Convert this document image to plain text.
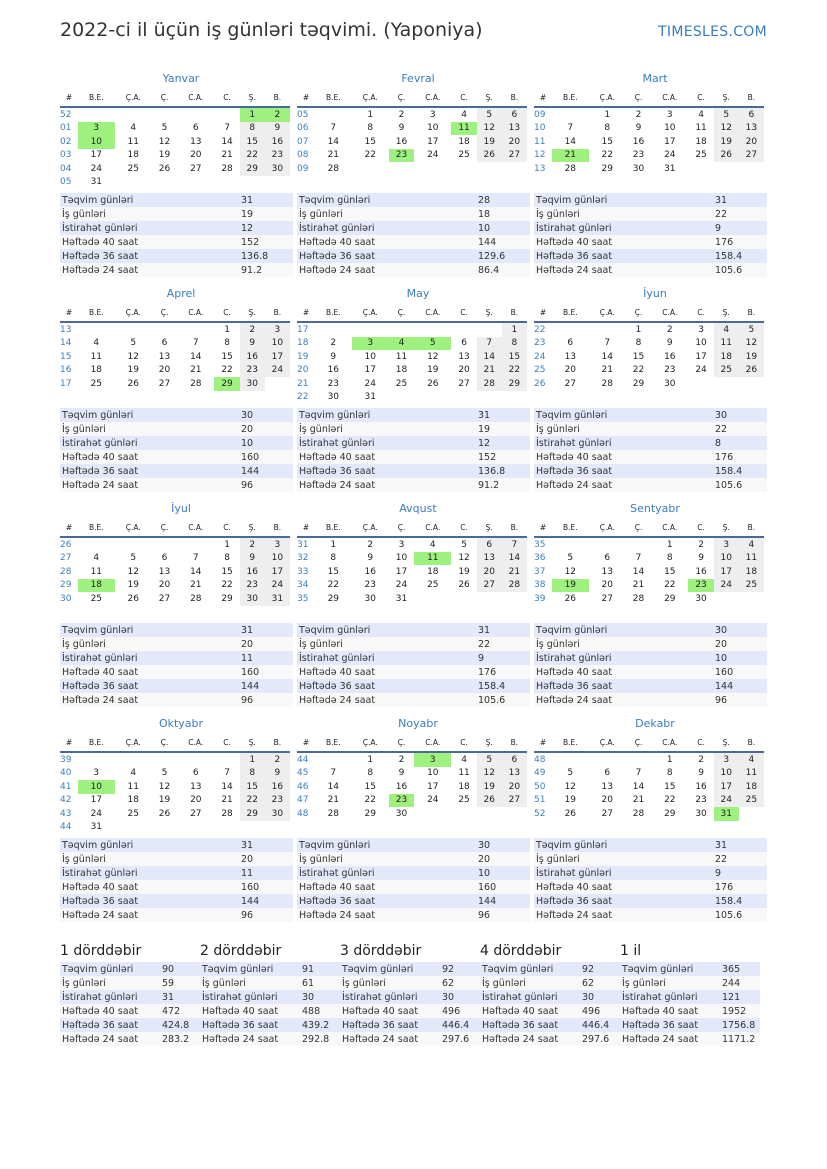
2022-ci il üçün iş günləri təqvimi. (Yaponiya)	TIMESLES.COM
Yanvar
#	B.E.	Ç.A.	Ç.	C.A.	C.	Ş.	B.
52						1	2
01	3	4	5	6	7	8	9
02	10	11	12	13	14	15	16
03	17	18	19	20	21	22	23
04	24	25	26	27	28	29	30
05	31						
Təqvim günləri	31
İş günləri	19
İstirahət günləri	12
Həftədə 40 saat	152
Həftədə 36 saat	136.8
Həftədə 24 saat	91.2
Fevral
#	B.E.	Ç.A.	Ç.	C.A.	C.	Ş.	B.
05		1	2	3	4	5	6
06	7	8	9	10	11	12	13
07	14	15	16	17	18	19	20
08	21	22	23	24	25	26	27
09	28						
Təqvim günləri	28
İş günləri	18
İstirahət günləri	10
Həftədə 40 saat	144
Həftədə 36 saat	129.6
Həftədə 24 saat	86.4
Mart
#	B.E.	Ç.A.	Ç.	C.A.	C.	Ş.	B.
09		1	2	3	4	5	6
10	7	8	9	10	11	12	13
11	14	15	16	17	18	19	20
12	21	22	23	24	25	26	27
13	28	29	30	31			
Təqvim günləri	31
İş günləri	22
İstirahət günləri	9
Həftədə 40 saat	176
Həftədə 36 saat	158.4
Həftədə 24 saat	105.6
Aprel
#	B.E.	Ç.A.	Ç.	C.A.	C.	Ş.	B.
13					1	2	3
14	4	5	6	7	8	9	10
15	11	12	13	14	15	16	17
16	18	19	20	21	22	23	24
17	25	26	27	28	29	30	
Təqvim günləri	30
İş günləri	20
İstirahət günləri	10
Həftədə 40 saat	160
Həftədə 36 saat	144
Həftədə 24 saat	96
May
#	B.E.	Ç.A.	Ç.	C.A.	C.	Ş.	B.
17							1
18	2	3	4	5	6	7	8
19	9	10	11	12	13	14	15
20	16	17	18	19	20	21	22
21	23	24	25	26	27	28	29
22	30	31					
Təqvim günləri	31
İş günləri	19
İstirahət günləri	12
Həftədə 40 saat	152
Həftədə 36 saat	136.8
Həftədə 24 saat	91.2
İyun
#	B.E.	Ç.A.	Ç.	C.A.	C.	Ş.	B.
22			1	2	3	4	5
23	6	7	8	9	10	11	12
24	13	14	15	16	17	18	19
25	20	21	22	23	24	25	26
26	27	28	29	30			
Təqvim günləri	30
İş günləri	22
İstirahət günləri	8
Həftədə 40 saat	176
Həftədə 36 saat	158.4
Həftədə 24 saat	105.6
İyul
#	B.E.	Ç.A.	Ç.	C.A.	C.	Ş.	B.
26					1	2	3
27	4	5	6	7	8	9	10
28	11	12	13	14	15	16	17
29	18	19	20	21	22	23	24
30	25	26	27	28	29	30	31
Təqvim günləri	31
İş günləri	20
İstirahət günləri	11
Həftədə 40 saat	160
Həftədə 36 saat	144
Həftədə 24 saat	96
Avqust
#	B.E.	Ç.A.	Ç.	C.A.	C.	Ş.	B.
31	1	2	3	4	5	6	7
32	8	9	10	11	12	13	14
33	15	16	17	18	19	20	21
34	22	23	24	25	26	27	28
35	29	30	31				
Təqvim günləri	31
İş günləri	22
İstirahət günləri	9
Həftədə 40 saat	176
Həftədə 36 saat	158.4
Həftədə 24 saat	105.6
Sentyabr
#	B.E.	Ç.A.	Ç.	C.A.	C.	Ş.	B.
35				1	2	3	4
36	5	6	7	8	9	10	11
37	12	13	14	15	16	17	18
38	19	20	21	22	23	24	25
39	26	27	28	29	30		
Təqvim günləri	30
İş günləri	20
İstirahət günləri	10
Həftədə 40 saat	160
Həftədə 36 saat	144
Həftədə 24 saat	96
Oktyabr
#	B.E.	Ç.A.	Ç.	C.A.	C.	Ş.	B.
39						1	2
40	3	4	5	6	7	8	9
41	10	11	12	13	14	15	16
42	17	18	19	20	21	22	23
43	24	25	26	27	28	29	30
44	31						
Təqvim günləri	31
İş günləri	20
İstirahət günləri	11
Həftədə 40 saat	160
Həftədə 36 saat	144
Həftədə 24 saat	96
Noyabr
#	B.E.	Ç.A.	Ç.	C.A.	C.	Ş.	B.
44		1	2	3	4	5	6
45	7	8	9	10	11	12	13
46	14	15	16	17	18	19	20
47	21	22	23	24	25	26	27
48	28	29	30				
Təqvim günləri	30
İş günləri	20
İstirahət günləri	10
Həftədə 40 saat	160
Həftədə 36 saat	144
Həftədə 24 saat	96
Dekabr
#	B.E.	Ç.A.	Ç.	C.A.	C.	Ş.	B.
48				1	2	3	4
49	5	6	7	8	9	10	11
50	12	13	14	15	16	17	18
51	19	20	21	22	23	24	25
52	26	27	28	29	30	31	
Təqvim günləri	31
İş günləri	22
İstirahət günləri	9
Həftədə 40 saat	176
Həftədə 36 saat	158.4
Həftədə 24 saat	105.6
1 dörddəbir
Təqvim günləri	90
İş günləri	59
İstirahət günləri	31
Həftədə 40 saat	472
Həftədə 36 saat	424.8
Həftədə 24 saat	283.2
2 dörddəbir
Təqvim günləri	91
İş günləri	61
İstirahət günləri	30
Həftədə 40 saat	488
Həftədə 36 saat	439.2
Həftədə 24 saat	292.8
3 dörddəbir
Təqvim günləri	92
İş günləri	62
İstirahət günləri	30
Həftədə 40 saat	496
Həftədə 36 saat	446.4
Həftədə 24 saat	297.6
4 dörddəbir
Təqvim günləri	92
İş günləri	62
İstirahət günləri	30
Həftədə 40 saat	496
Həftədə 36 saat	446.4
Həftədə 24 saat	297.6
1 il
Təqvim günləri	365
İş günləri	244
İstirahət günləri	121
Həftədə 40 saat	1952
Həftədə 36 saat	1756.8
Həftədə 24 saat	1171.2
